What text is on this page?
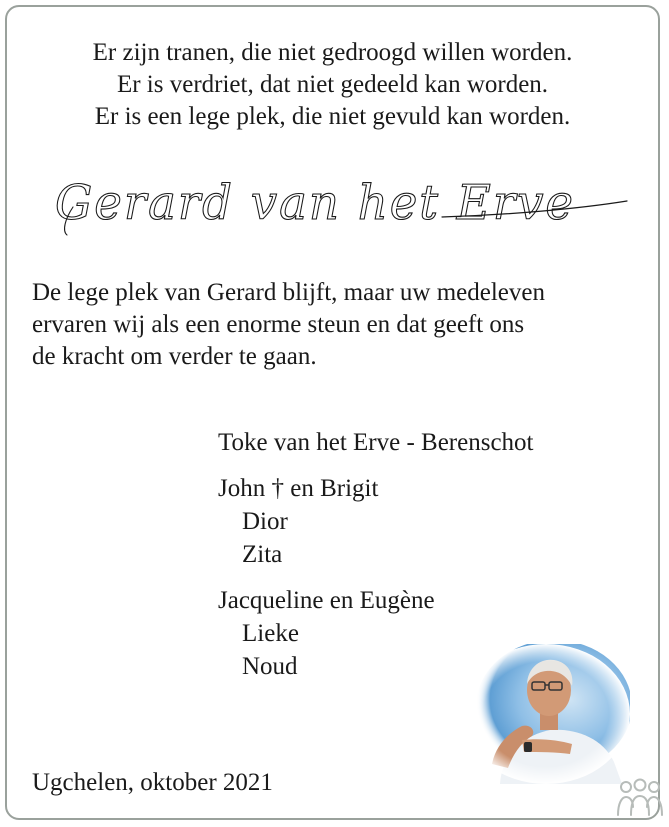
Er zijn tranen, die niet gedroogd willen worden.
Er is verdriet, dat niet gedeeld kan worden.
Er is een lege plek, die niet gevuld kan worden.
Gerard van het Erve
De lege plek van Gerard blijft, maar uw medeleven
ervaren wij als een enorme steun en dat geeft ons
de kracht om verder te gaan.
Toke van het Erve - Berenschot
John † en Brigit
Dior
Zita
Jacqueline en Eugène
Lieke
Noud
Ugchelen, oktober 2021
